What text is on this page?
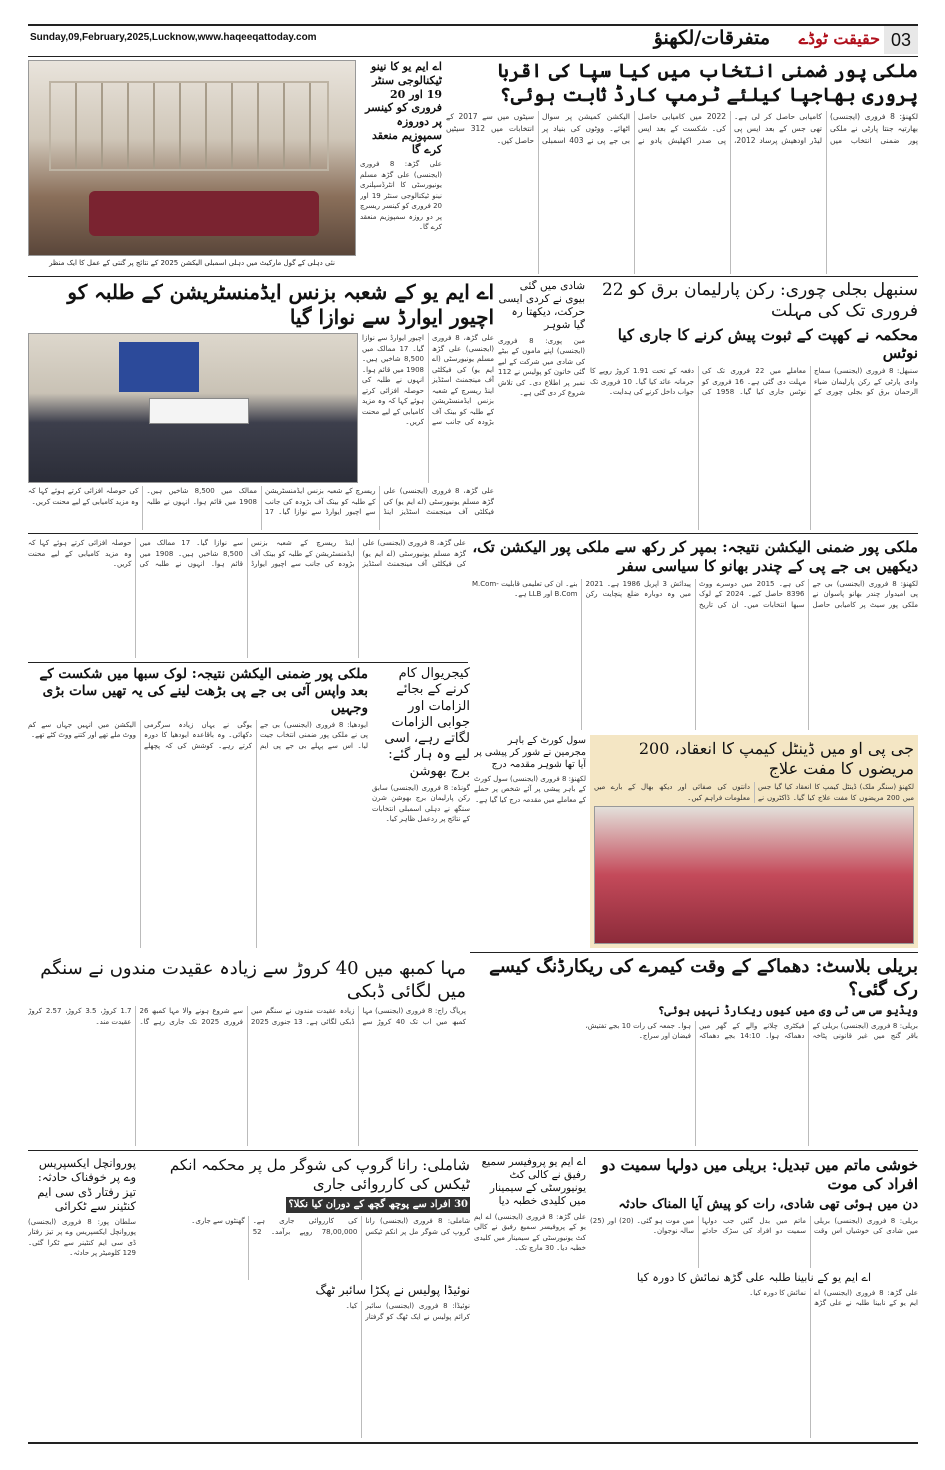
Sunday,09,February,2025,Lucknow,www.haqeeqattoday.com	متفرقات/لکھنؤ	حقیقت ٹوڈے 03
نئی دہلی کے گول مارکیٹ میں دہلی اسمبلی الیکشن 2025 کے نتائج پر گنتی کے عمل کا ایک منظر
اے ایم یو کا نینو ٹیکنالوجی سنٹر 19 اور 20 فروری کو کینسر پر دوروزہ سمپوزیم منعقد کرے گا
علی گڑھ: 8 فروری (ایجنسی) علی گڑھ مسلم یونیورسٹی کا انٹرڈسپلنری نینو ٹیکنالوجی سنٹر 19 اور 20 فروری کو کینسر ریسرچ پر دو روزہ سمپوزیم منعقد کرے گا۔
ملکی پور ضمنی انتخاب میں کیا سپا کی اقربا پروری بھاجپا کیلئے ٹرمپ کارڈ ثابت ہوئی؟
لکھنؤ: 8 فروری (ایجنسی) بھارتیہ جنتا پارٹی نے ملکی پور ضمنی انتخاب میں کامیابی حاصل کر لی ہے۔ تھی جس کے بعد ایس پی لیڈر اودھیش پرساد 2012، 2022 میں کامیابی حاصل کی۔ شکست کے بعد ایس پی صدر اکھلیش یادو نے الیکشن کمیشن پر سوال اٹھائے۔ ووٹوں کی بنیاد پر بی جے پی نے 403 اسمبلی سیٹوں میں سے 2017 کے انتخابات میں 312 سیٹیں حاصل کیں۔
اے ایم یو کے شعبہ بزنس ایڈمنسٹریشن کے طلبہ کو اچیور ایوارڈ سے نوازا گیا
علی گڑھ، 8 فروری (ایجنسی) علی گڑھ مسلم یونیورسٹی (اے ایم یو) کی فیکلٹی آف مینجمنٹ اسٹڈیز اینڈ ریسرچ کے شعبہ بزنس ایڈمنسٹریشن کے طلبہ کو بینک آف بڑودہ کی جانب سے اچیور ایوارڈ سے نوازا گیا۔ 17 ممالک میں 8,500 شاخیں ہیں۔ 1908 میں قائم ہوا۔ انہوں نے طلبہ کی حوصلہ افزائی کرتے ہوئے کہا کہ وہ مزید کامیابی کے لیے محنت کریں۔
علی گڑھ، 8 فروری (ایجنسی) علی گڑھ مسلم یونیورسٹی (اے ایم یو) کی فیکلٹی آف مینجمنٹ اسٹڈیز اینڈ ریسرچ کے شعبہ بزنس ایڈمنسٹریشن کے طلبہ کو بینک آف بڑودہ کی جانب سے اچیور ایوارڈ سے نوازا گیا۔ 17 ممالک میں 8,500 شاخیں ہیں۔ 1908 میں قائم ہوا۔ انہوں نے طلبہ کی حوصلہ افزائی کرتے ہوئے کہا کہ وہ مزید کامیابی کے لیے محنت کریں۔
شادی میں گئی بیوی نے کردی ایسی حرکت، دیکھتا رہ گیا شوہر
مین پوری: 8 فروری (ایجنسی) اپنے ماموں کے بیٹے کی شادی میں شرکت کے لیے گئی خاتون کو پولیس نے 112 نمبر پر اطلاع دی۔ کی تلاش شروع کر دی گئی ہے۔
سنبھل بجلی چوری: رکن پارلیمان برق کو 22 فروری تک کی مہلت
محکمہ نے کھپت کے ثبوت پیش کرنے کا جاری کیا نوٹس
سنبھل: 8 فروری (ایجنسی) سماج وادی پارٹی کے رکن پارلیمان ضیاء الرحمان برق کو بجلی چوری کے معاملے میں 22 فروری تک کی مہلت دی گئی ہے۔ 16 فروری کو نوٹس جاری کیا گیا۔ 1958 کی دفعہ کے تحت 1.91 کروڑ روپے کا جرمانہ عائد کیا گیا۔ 10 فروری تک جواب داخل کرنے کی ہدایت۔
علی گڑھ، 8 فروری (ایجنسی) علی گڑھ مسلم یونیورسٹی (اے ایم یو) کی فیکلٹی آف مینجمنٹ اسٹڈیز اینڈ ریسرچ کے شعبہ بزنس ایڈمنسٹریشن کے طلبہ کو بینک آف بڑودہ کی جانب سے اچیور ایوارڈ سے نوازا گیا۔ 17 ممالک میں 8,500 شاخیں ہیں۔ 1908 میں قائم ہوا۔ انہوں نے طلبہ کی حوصلہ افزائی کرتے ہوئے کہا کہ وہ مزید کامیابی کے لیے محنت کریں۔
ملکی پور ضمنی الیکشن نتیجہ: بمپر کر رکھ سے ملکی پور الیکشن تک، دیکھیں بی جے پی کے چندر بھانو کا سیاسی سفر
لکھنؤ: 8 فروری (ایجنسی) بی جے پی امیدوار چندر بھانو پاسوان نے ملکی پور سیٹ پر کامیابی حاصل کی ہے۔ 2015 میں دوسرے ووٹ 8396 حاصل کیے۔ 2024 کے لوک سبھا انتخابات میں۔ ان کی تاریخ پیدائش 3 اپریل 1986 ہے۔ 2021 میں وہ دوبارہ ضلع پنچایت رکن بنے۔ ان کی تعلیمی قابلیت M.Com-B.Com اور LLB ہے۔
ملکی پور ضمنی الیکشن نتیجہ: لوک سبھا میں شکست کے بعد واپس آئی بی جے پی بڑھت لینے کی یہ تھیں سات بڑی وجہیں
ایودھیا: 8 فروری (ایجنسی) بی جے پی نے ملکی پور ضمنی انتخاب جیت لیا۔ اس سے پہلے بی جے پی ایم یوگی نے یہاں زیادہ سرگرمی دکھائی۔ وہ باقاعدہ ایودھیا کا دورہ کرتے رہے۔ کوشش کی کہ پچھلے الیکشن میں انہیں جہاں سے کم ووٹ ملے تھے اور کتنے ووٹ کٹے تھے۔
کیجریوال کام کرنے کے بجائے الزامات اور جوابی الزامات لگاتے رہے، اسی لیے وہ ہار گئے: برج بھوشن
گونڈہ: 8 فروری (ایجنسی) سابق رکن پارلیمان برج بھوشن شرن سنگھ نے دہلی اسمبلی انتخابات کے نتائج پر ردعمل ظاہر کیا۔
سول کورٹ کے باہر مجرمین نے شور کر پیشی پر آیا تھا شوہر مقدمہ درج
لکھنؤ: 8 فروری (ایجنسی) سول کورٹ کے باہر پیشی پر آئے شخص پر حملے کے معاملے میں مقدمہ درج کیا گیا ہے۔
جی پی او میں ڈینٹل کیمپ کا انعقاد، 200 مریضوں کا مفت علاج
لکھنؤ (سنگر ملک) ڈینٹل کیمپ کا انعقاد کیا گیا جس میں 200 مریضوں کا مفت علاج کیا گیا۔ ڈاکٹروں نے دانتوں کی صفائی اور دیکھ بھال کے بارے میں معلومات فراہم کیں۔
بریلی بلاسٹ: دھماکے کے وقت کیمرے کی ریکارڈنگ کیسے رک گئی؟
ویڈیو سی سی ٹی وی میں کیوں ریکارڈ نہیں ہوئی؟
بریلی: 8 فروری (ایجنسی) بریلی کے باقر گنج میں غیر قانونی پٹاخہ فیکٹری چلانے والے کے گھر میں دھماکہ ہوا۔ 14:10 بجے دھماکہ ہوا۔ جمعہ کی رات 10 بجے تفتیش، فیضان اور سراج۔
مہا کمبھ میں 40 کروڑ سے زیادہ عقیدت مندوں نے سنگم میں لگائی ڈبکی
پریاگ راج: 8 فروری (ایجنسی) مہا کمبھ میں اب تک 40 کروڑ سے زیادہ عقیدت مندوں نے سنگم میں ڈبکی لگائی ہے۔ 13 جنوری 2025 سے شروع ہونے والا مہا کمبھ 26 فروری 2025 تک جاری رہے گا۔ 1.7 کروڑ، 3.5 کروڑ، 2.57 کروڑ عقیدت مند۔
خوشی ماتم میں تبدیل: بریلی میں دولہا سمیت دو افراد کی موت
دن میں ہوئی تھی شادی، رات کو پیش آیا المناک حادثہ
بریلی: 8 فروری (ایجنسی) بریلی میں شادی کی خوشیاں اس وقت ماتم میں بدل گئیں جب دولہا سمیت دو افراد کی سڑک حادثے میں موت ہو گئی۔ (20) اور (25) سالہ نوجوان۔
اے ایم یو کے نابینا طلبہ علی گڑھ نمائش کا دورہ کیا
علی گڑھ: 8 فروری (ایجنسی) اے ایم یو کے نابینا طلبہ نے علی گڑھ نمائش کا دورہ کیا۔
اے ایم یو پروفیسر سمیع رفیق نے کالی کٹ یونیورسٹی کے سیمینار میں کلیدی خطبہ دیا
علی گڑھ: 8 فروری (ایجنسی) اے ایم یو کے پروفیسر سمیع رفیق نے کالی کٹ یونیورسٹی کے سیمینار میں کلیدی خطبہ دیا۔ 30 مارچ تک۔
شاملی: رانا گروپ کی شوگر مل پر محکمہ انکم ٹیکس کی کارروائی جاری
30 افراد سے پوچھ گچھ کے دوران کیا نکلا؟
شاملی: 8 فروری (ایجنسی) رانا گروپ کی شوگر مل پر انکم ٹیکس کی کارروائی جاری ہے۔ 78,00,000 روپے برآمد۔ 52 گھنٹوں سے جاری۔
نوئیڈا پولیس نے پکڑا سائبر ٹھگ
نوئیڈا: 8 فروری (ایجنسی) سائبر کرائم پولیس نے ایک ٹھگ کو گرفتار کیا۔
پوروانچل ایکسپریس وے پر خوفناک حادثہ: تیز رفتار ڈی سی ایم کنٹینر سے ٹکرائی
سلطان پور: 8 فروری (ایجنسی) پوروانچل ایکسپریس وے پر تیز رفتار ڈی سی ایم کنٹینر سے ٹکرا گئی۔ 129 کلومیٹر پر حادثہ۔
